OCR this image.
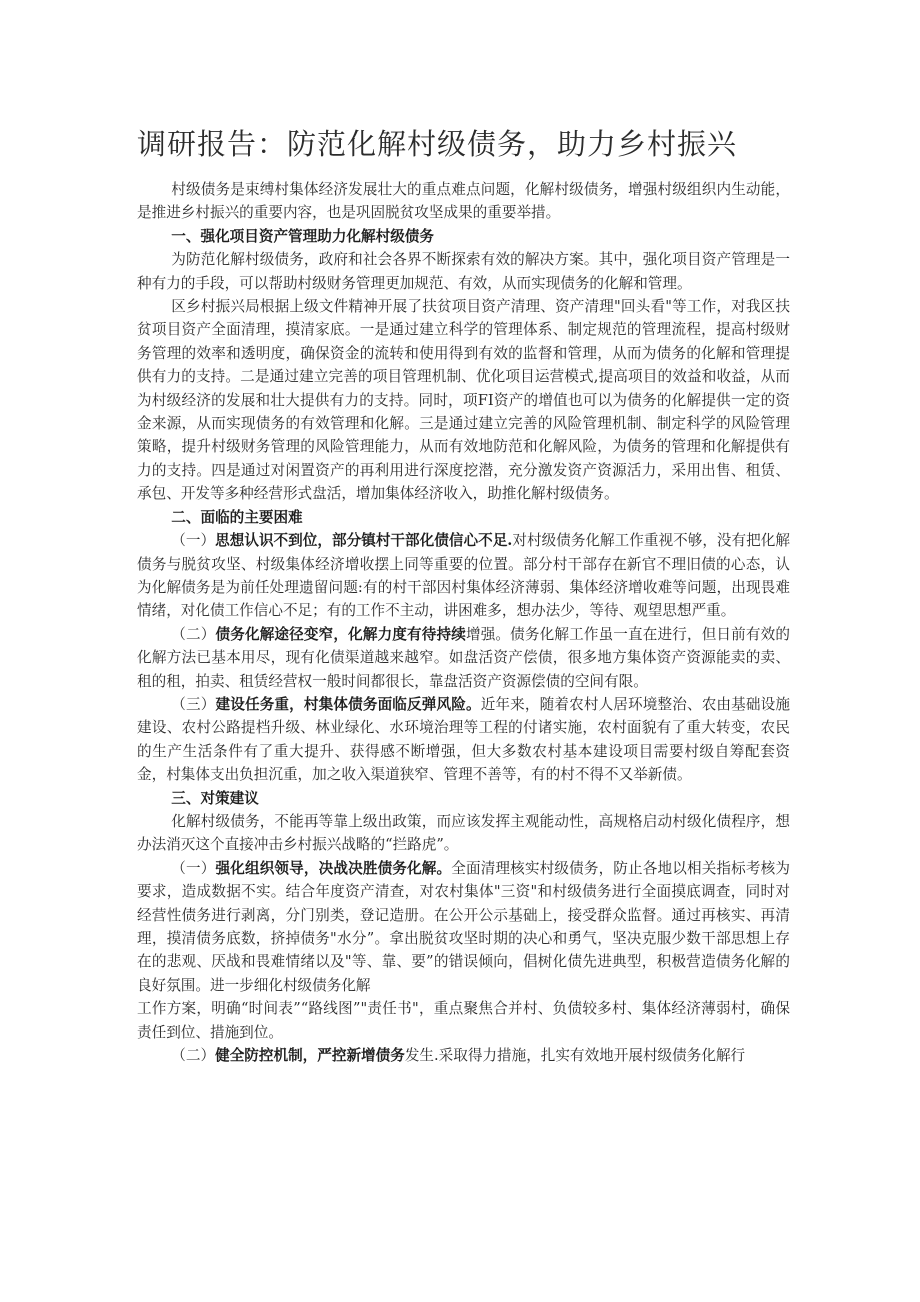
调研报告：防范化解村级债务，助力乡村振兴

村级债务是束缚村集体经济发展壮大的重点难点问题，化解村级债务，增强村级组织内生动能，是推进乡村振兴的重要内容，也是巩固脱贫攻坚成果的重要举措。

一、强化项目资产管理助力化解村级债务

为防范化解村级债务，政府和社会各界不断探索有效的解决方案。其中，强化项目资产管理是一种有力的手段，可以帮助村级财务管理更加规范、有效，从而实现债务的化解和管理。

区乡村振兴局根据上级文件精神开展了扶贫项目资产清理、资产清理"回头看"等工作，对我区扶贫项目资产全面清理，摸清家底。一是通过建立科学的管理体系、制定规范的管理流程，提高村级财务管理的效率和透明度，确保资金的流转和使用得到有效的监督和管理，从而为债务的化解和管理提供有力的支持。二是通过建立完善的项目管理机制、优化项目运营模式,提高项目的效益和收益，从而为村级经济的发展和壮大提供有力的支持。同时，项FI资产的增值也可以为债务的化解提供一定的资金来源，从而实现债务的有效管理和化解。三是通过建立完善的风险管理机制、制定科学的风险管理策略，提升村级财务管理的风险管理能力，从而有效地防范和化解风险，为债务的管理和化解提供有力的支持。四是通过对闲置资产的再利用进行深度挖潜，充分激发资产资源活力，采用出售、租赁、承包、开发等多种经营形式盘活，增加集体经济收入，助推化解村级债务。

二、面临的主要困难

（一）思想认识不到位，部分镇村干部化债信心不足.对村级债务化解工作重视不够，没有把化解债务与脱贫攻坚、村级集体经济增收摆上同等重要的位置。部分村干部存在新官不理旧债的心态，认为化解债务是为前任处理遗留问题:有的村干部因村集体经济薄弱、集体经济增收难等问题，出现畏难情绪，对化债工作信心不足；有的工作不主动，讲困难多，想办法少，等待、观望思想严重。

（二）债务化解途径变窄，化解力度有待持续增强。债务化解工作虽一直在进行，但日前有效的化解方法已基本用尽，现有化债渠道越来越窄。如盘活资产偿债，很多地方集体资产资源能卖的卖、租的租，拍卖、租赁经营权一般时间都很长，靠盘活资产资源偿债的空间有限。

（三）建设任务重，村集体债务面临反弹风险。近年来，随着农村人居环境整治、农由基础设施建设、农村公路提档升级、林业绿化、水环境治理等工程的付诸实施，农村面貌有了重大转变，农民的生产生活条件有了重大提升、获得感不断增强，但大多数农村基本建设项目需要村级自筹配套资金，村集体支出负担沉重，加之收入渠道狭窄、管理不善等，有的村不得不又举新债。

三、对策建议

化解村级债务，不能再等靠上级出政策，而应该发挥主观能动性，高规格启动村级化债程序，想办法消灭这个直接冲击乡村振兴战略的“拦路虎”。

（一）强化组织领导，决战决胜债务化解。全面清理核实村级债务，防止各地以相关指标考核为要求，造成数据不实。结合年度资产清查，对农村集体"三资"和村级债务进行全面摸底调查，同时对经营性债务进行剥离，分门别类，登记造册。在公开公示基础上，接受群众监督。通过再核实、再清理，摸清债务底数，挤掉债务"水分”。拿出脱贫攻坚时期的决心和勇气，坚决克服少数干部思想上存在的悲观、厌战和畏难情绪以及"等、靠、要”的错误倾向，倡树化债先进典型，积极营造债务化解的良好氛围。进一步细化村级债务化解

工作方案，明确“时间表”“路线图”"责任书"，重点聚焦合并村、负债较多村、集体经济薄弱村，确保责任到位、措施到位。

（二）健全防控机制，严控新增债务发生.采取得力措施，扎实有效地开展村级债务化解行
